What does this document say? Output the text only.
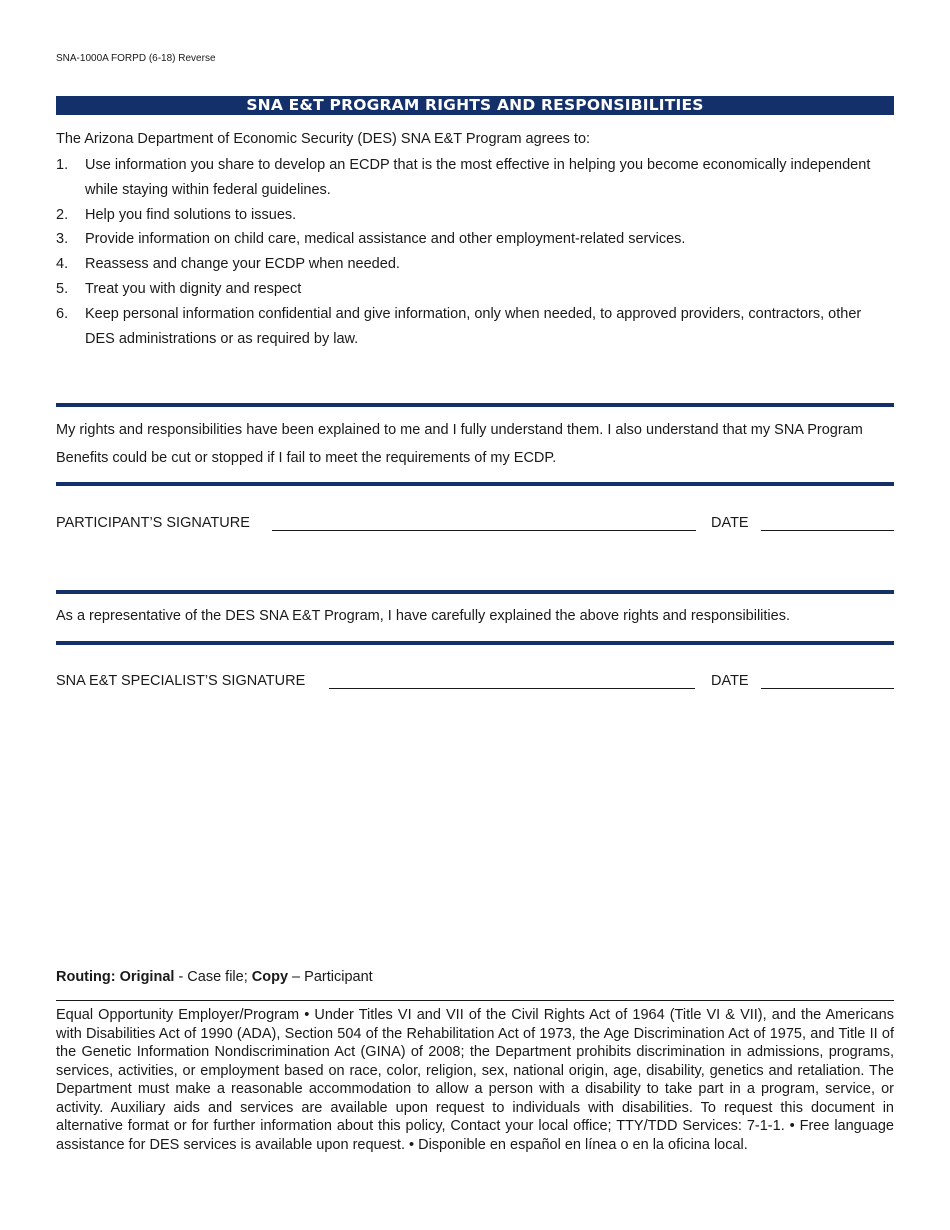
SNA-1000A FORPD (6-18) Reverse
SNA E&T PROGRAM RIGHTS AND RESPONSIBILITIES
The Arizona Department of Economic Security (DES) SNA E&T Program agrees to:
1. Use information you share to develop an ECDP that is the most effective in helping you become economically independent while staying within federal guidelines.
2. Help you find solutions to issues.
3. Provide information on child care, medical assistance and other employment-related services.
4. Reassess and change your ECDP when needed.
5. Treat you with dignity and respect
6. Keep personal information confidential and give information, only when needed, to approved providers, contractors, other DES administrations or as required by law.
My rights and responsibilities have been explained to me and I fully understand them. I also understand that my SNA Program Benefits could be cut or stopped if I fail to meet the requirements of my ECDP.
PARTICIPANT’S SIGNATURE	DATE
As a representative of the DES SNA E&T Program, I have carefully explained the above rights and responsibilities.
SNA E&T SPECIALIST’S SIGNATURE	DATE
Routing: Original - Case file; Copy – Participant

Equal Opportunity Employer/Program • Under Titles VI and VII of the Civil Rights Act of 1964 (Title VI & VII), and the Americans with Disabilities Act of 1990 (ADA), Section 504 of the Rehabilitation Act of 1973, the Age Discrimination Act of 1975, and Title II of the Genetic Information Nondiscrimination Act (GINA) of 2008; the Department prohibits discrimination in admissions, programs, services, activities, or employment based on race, color, religion, sex, national origin, age, disability, genetics and retaliation. The Department must make a reasonable accommodation to allow a person with a disability to take part in a program, service, or activity. Auxiliary aids and services are available upon request to individuals with disabilities. To request this document in alternative format or for further information about this policy, Contact your local office; TTY/TDD Services: 7-1-1. • Free language assistance for DES services is available upon request. • Disponible en español en línea o en la oficina local.
